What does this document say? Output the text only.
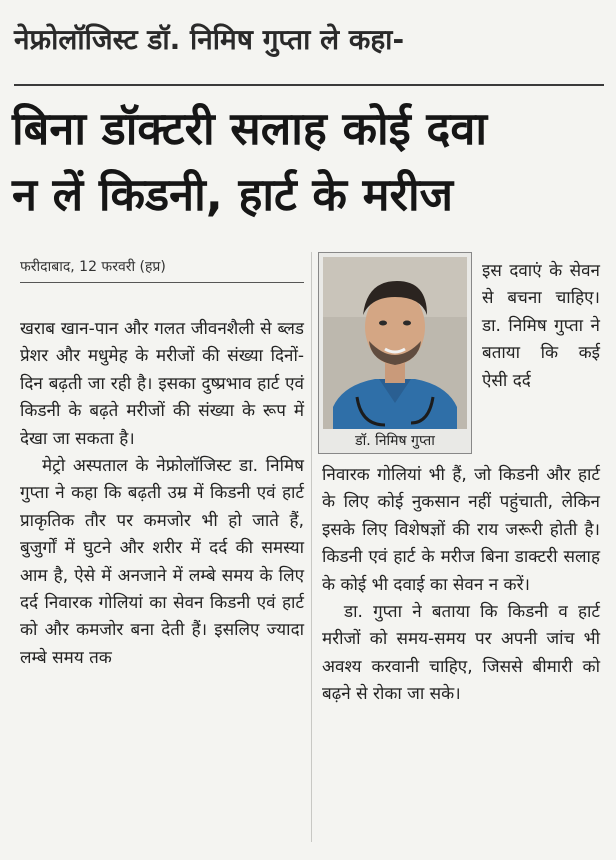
नेफ्रोलॉजिस्ट डॉ. निमिष गुप्ता ले कहा-
बिना डॉक्टरी सलाह कोई दवा
न लें किडनी, हार्ट के मरीज
फरीदाबाद, 12 फरवरी (हप्र)

खराब खान-पान और गलत जीवनशैली से ब्लड प्रेशर और मधुमेह के मरीजों की संख्या दिनों-दिन बढ़ती जा रही है। इसका दुष्प्रभाव हार्ट एवं किडनी के बढ़ते मरीजों की संख्या के रूप में देखा जा सकता है।

मेट्रो अस्पताल के नेफ्रोलॉजिस्ट डा. निमिष गुप्ता ने कहा कि बढ़ती उम्र में किडनी एवं हार्ट प्राकृतिक तौर पर कमजोर भी हो जाते हैं, बुजुर्गों में घुटने और शरीर में दर्द की समस्या आम है, ऐसे में अनजाने में लम्बे समय के लिए दर्द निवारक गोलियां का सेवन किडनी एवं हार्ट को और कमजोर बना देती हैं। इसलिए ज्यादा लम्बे समय तक

डॉ. निमिष गुप्ता

इस दवाएं के सेवन से बचना चाहिए। डा. निमिष गुप्ता ने बताया कि कई ऐसी दर्द

निवारक गोलियां भी हैं, जो किडनी और हार्ट के लिए कोई नुकसान नहीं पहुंचाती, लेकिन इसके लिए विशेषज्ञों की राय जरूरी होती है। किडनी एवं हार्ट के मरीज बिना डाक्टरी सलाह के कोई भी दवाई का सेवन न करें।

डा. गुप्ता ने बताया कि किडनी व हार्ट मरीजों को समय-समय पर अपनी जांच भी अवश्य करवानी चाहिए, जिससे बीमारी को बढ़ने से रोका जा सके।
